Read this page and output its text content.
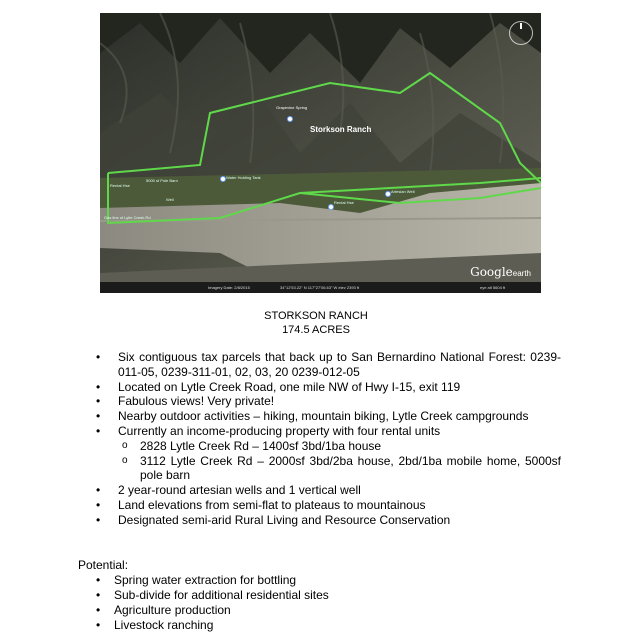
Grapevine Spring
Storkson Ranch
Rental Hse
5000 sf Pole Barn
Water Holding Tank
Well
Rental Hse
Artesian Well
Gas line of Lytle Creek Rd
Googleearth
Imagery Date: 2/8/2015	34°12'53.22" N 117°27'06.63" W elev 2393 ft	eye alt 5604 ft
STORKSON RANCH
174.5 ACRES
• Six contiguous tax parcels that back up to San Bernardino National Forest: 0239-011-05, 0239-311-01, 02, 03, 20 0239-012-05
• Located on Lytle Creek Road, one mile NW of Hwy I-15, exit 119
• Fabulous views! Very private!
• Nearby outdoor activities – hiking, mountain biking, Lytle Creek campgrounds
• Currently an income-producing property with four rental units
o 2828 Lytle Creek Rd – 1400sf 3bd/1ba house
o 3112 Lytle Creek Rd – 2000sf 3bd/2ba house, 2bd/1ba mobile home, 5000sf pole barn
• 2 year-round artesian wells and 1 vertical well
• Land elevations from semi-flat to plateaus to mountainous
• Designated semi-arid Rural Living and Resource Conservation
Potential:
• Spring water extraction for bottling
• Sub-divide for additional residential sites
• Agriculture production
• Livestock ranching
